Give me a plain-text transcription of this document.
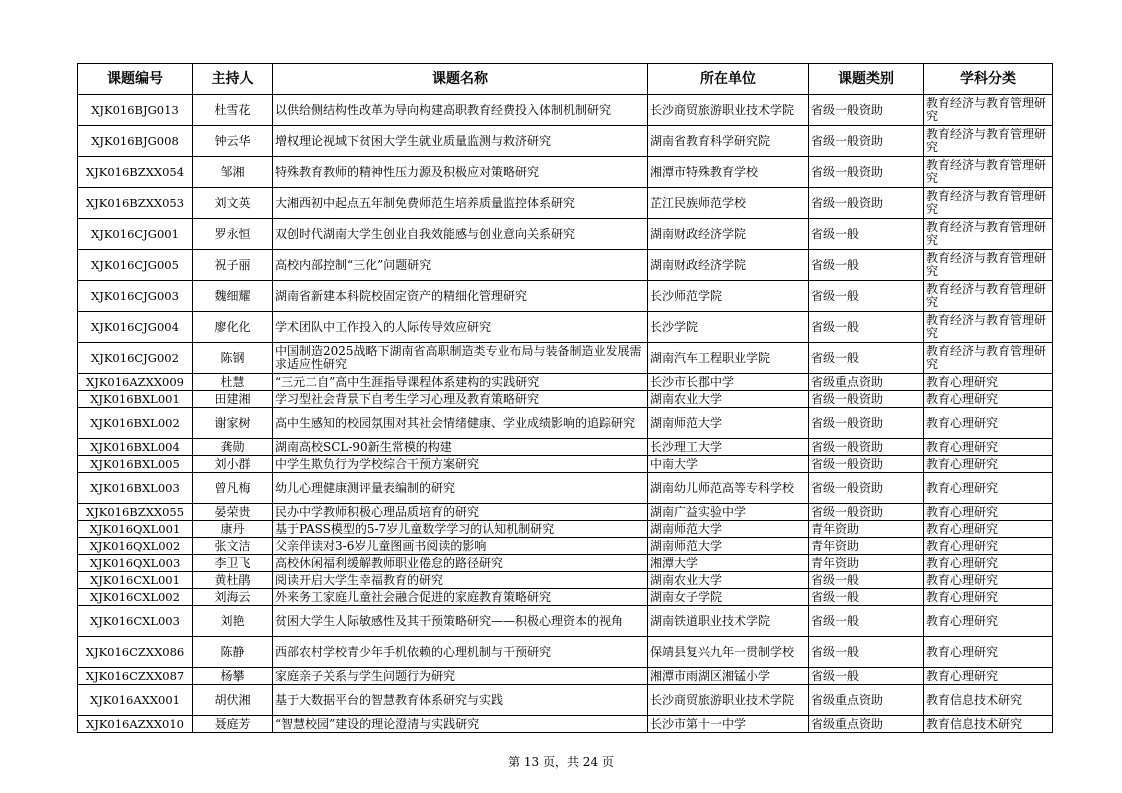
课题编号	主持人	课题名称	所在单位	课题类别	学科分类
XJK016BJG013	杜雪花	以供给侧结构性改革为导向构建高职教育经费投入体制机制研究	长沙商贸旅游职业技术学院	省级一般资助	教育经济与教育管理研究
XJK016BJG008	钟云华	增权理论视域下贫困大学生就业质量监测与救济研究	湖南省教育科学研究院	省级一般资助	教育经济与教育管理研究
XJK016BZXX054	邹湘	特殊教育教师的精神性压力源及积极应对策略研究	湘潭市特殊教育学校	省级一般资助	教育经济与教育管理研究
XJK016BZXX053	刘文英	大湘西初中起点五年制免费师范生培养质量监控体系研究	芷江民族师范学校	省级一般资助	教育经济与教育管理研究
XJK016CJG001	罗永恒	双创时代湖南大学生创业自我效能感与创业意向关系研究	湖南财政经济学院	省级一般	教育经济与教育管理研究
XJK016CJG005	祝子丽	高校内部控制“三化”问题研究	湖南财政经济学院	省级一般	教育经济与教育管理研究
XJK016CJG003	魏细耀	湖南省新建本科院校固定资产的精细化管理研究	长沙师范学院	省级一般	教育经济与教育管理研究
XJK016CJG004	廖化化	学术团队中工作投入的人际传导效应研究	长沙学院	省级一般	教育经济与教育管理研究
XJK016CJG002	陈钢	中国制造2025战略下湖南省高职制造类专业布局与装备制造业发展需求适应性研究	湖南汽车工程职业学院	省级一般	教育经济与教育管理研究
XJK016AZXX009	杜慧	“三元二自”高中生涯指导课程体系建构的实践研究	长沙市长郡中学	省级重点资助	教育心理研究
XJK016BXL001	田建湘	学习型社会背景下自考生学习心理及教育策略研究	湖南农业大学	省级一般资助	教育心理研究
XJK016BXL002	谢家树	高中生感知的校园氛围对其社会情绪健康、学业成绩影响的追踪研究	湖南师范大学	省级一般资助	教育心理研究
XJK016BXL004	龚勋	湖南高校SCL-90新生常模的构建	长沙理工大学	省级一般资助	教育心理研究
XJK016BXL005	刘小群	中学生欺负行为学校综合干预方案研究	中南大学	省级一般资助	教育心理研究
XJK016BXL003	曾凡梅	幼儿心理健康测评量表编制的研究	湖南幼儿师范高等专科学校	省级一般资助	教育心理研究
XJK016BZXX055	晏荣贵	民办中学教师积极心理品质培育的研究	湖南广益实验中学	省级一般资助	教育心理研究
XJK016QXL001	康丹	基于PASS模型的5-7岁儿童数学学习的认知机制研究	湖南师范大学	青年资助	教育心理研究
XJK016QXL002	张文洁	父亲伴读对3-6岁儿童图画书阅读的影响	湖南师范大学	青年资助	教育心理研究
XJK016QXL003	李卫飞	高校休闲福利缓解教师职业倦怠的路径研究	湘潭大学	青年资助	教育心理研究
XJK016CXL001	黄杜鹃	阅读开启大学生幸福教育的研究	湖南农业大学	省级一般	教育心理研究
XJK016CXL002	刘海云	外来务工家庭儿童社会融合促进的家庭教育策略研究	湖南女子学院	省级一般	教育心理研究
XJK016CXL003	刘艳	贫困大学生人际敏感性及其干预策略研究——积极心理资本的视角	湖南铁道职业技术学院	省级一般	教育心理研究
XJK016CZXX086	陈静	西部农村学校青少年手机依赖的心理机制与干预研究	保靖县复兴九年一贯制学校	省级一般	教育心理研究
XJK016CZXX087	杨攀	家庭亲子关系与学生问题行为研究	湘潭市雨湖区湘锰小学	省级一般	教育心理研究
XJK016AXX001	胡伏湘	基于大数据平台的智慧教育体系研究与实践	长沙商贸旅游职业技术学院	省级重点资助	教育信息技术研究
XJK016AZXX010	聂庭芳	“智慧校园”建设的理论澄清与实践研究	长沙市第十一中学	省级重点资助	教育信息技术研究
第 13 页，共 24 页
